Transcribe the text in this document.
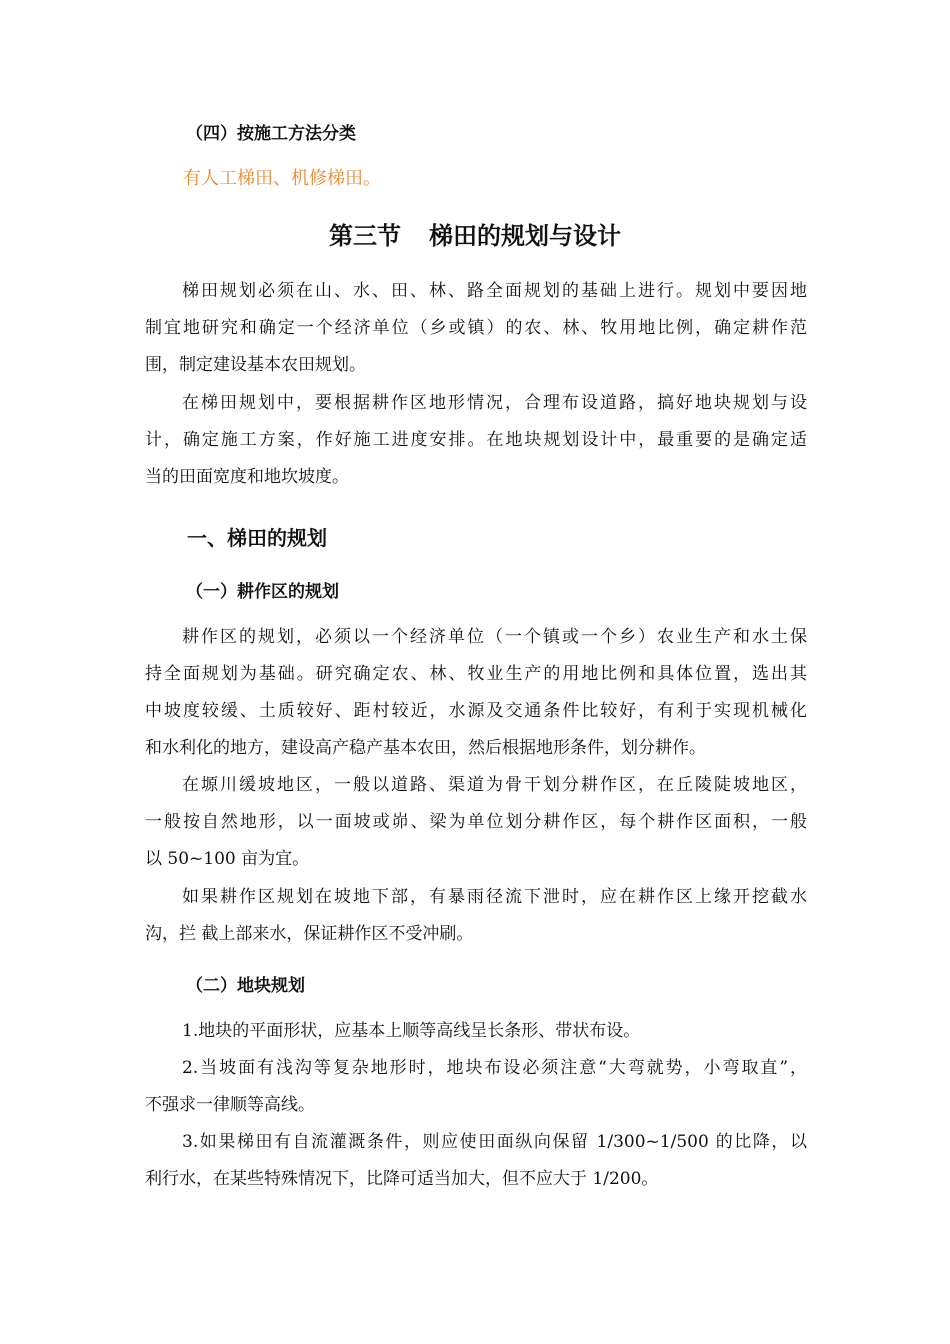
（四）按施工方法分类
有人工梯田、机修梯田。
第三节 梯田的规划与设计

梯田规划必须在山、水、田、林、路全面规划的基础上进行。规划中要因地
制宜地研究和确定一个经济单位（乡或镇）的农、林、牧用地比例，确定耕作范
围，制定建设基本农田规划。

在梯田规划中，要根据耕作区地形情况，合理布设道路，搞好地块规划与设
计，确定施工方案，作好施工进度安排。在地块规划设计中，最重要的是确定适
当的田面宽度和地坎坡度。

一、梯田的规划
（一）耕作区的规划

耕作区的规划，必须以一个经济单位（一个镇或一个乡）农业生产和水土保
持全面规划为基础。研究确定农、林、牧业生产的用地比例和具体位置，选出其
中坡度较缓、土质较好、距村较近，水源及交通条件比较好，有利于实现机械化
和水利化的地方，建设高产稳产基本农田，然后根据地形条件，划分耕作。

在塬川缓坡地区，一般以道路、渠道为骨干划分耕作区，在丘陵陡坡地区，
一般按自然地形，以一面坡或峁、梁为单位划分耕作区，每个耕作区面积，一般
以 50~100 亩为宜。

如果耕作区规划在坡地下部，有暴雨径流下泄时，应在耕作区上缘开挖截水
沟，拦 截上部来水，保证耕作区不受冲刷。

（二）地块规划

1.地块的平面形状，应基本上顺等高线呈长条形、带状布设。

2.当坡面有浅沟等复杂地形时，地块布设必须注意“大弯就势，小弯取直”，
不强求一律顺等高线。

3.如果梯田有自流灌溉条件，则应使田面纵向保留 1/300~1/500 的比降，以
利行水，在某些特殊情况下，比降可适当加大，但不应大于 1/200。
